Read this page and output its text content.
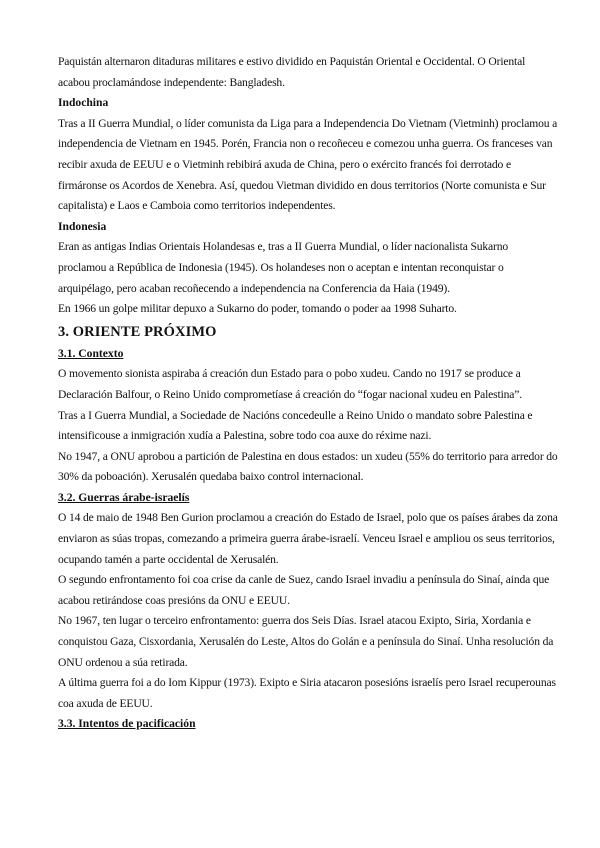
Paquistán alternaron ditaduras militares e estivo dividido en Paquistán Oriental e Occidental. O Oriental acabou proclamándose independente: Bangladesh.

Indochina

Tras a II Guerra Mundial, o líder comunista da Liga para a Independencia Do Vietnam (Vietminh) proclamou a independencia de Vietnam en 1945. Porén, Francia non o recoñeceu e comezou unha guerra. Os franceses van recibir axuda de EEUU e o Vietminh rebibirá axuda de China, pero o exército francés foi derrotado e firmáronse os Acordos de Xenebra. Así, quedou Vietman dividido en dous territorios (Norte comunista e Sur capitalista) e Laos e Camboia como territorios independentes.

Indonesia

Eran as antigas Indias Orientais Holandesas e, tras a II Guerra Mundial, o líder nacionalista Sukarno proclamou a República de Indonesia (1945). Os holandeses non o aceptan e intentan reconquistar o arquipélago, pero acaban recoñecendo a independencia na Conferencia da Haia (1949).

En 1966 un golpe militar depuxo a Sukarno do poder, tomando o poder aa 1998 Suharto.

3. ORIENTE PRÓXIMO

3.1. Contexto

O movemento sionista aspiraba á creación dun Estado para o pobo xudeu. Cando no 1917 se produce a Declaración Balfour, o Reino Unido comprometíase á creación do “fogar nacional xudeu en Palestina”.

Tras a I Guerra Mundial, a Sociedade de Nacións concedeulle a Reino Unido o mandato sobre Palestina e intensificouse a inmigración xudía a Palestina, sobre todo coa auxe do réxime nazi.

No 1947, a ONU aprobou a partición de Palestina en dous estados: un xudeu (55% do territorio para arredor do 30% da poboación). Xerusalén quedaba baixo control internacional.

3.2. Guerras árabe-israelís

O 14 de maio de 1948 Ben Gurion proclamou a creación do Estado de Israel, polo que os países árabes da zona enviaron as súas tropas, comezando a primeira guerra árabe-israelí. Venceu Israel e ampliou os seus territorios, ocupando tamén a parte occidental de Xerusalén.

O segundo enfrontamento foi coa crise da canle de Suez, cando Israel invadiu a península do Sinaí, ainda que acabou retirándose coas presións da ONU e EEUU.

No 1967, ten lugar o terceiro enfrontamento: guerra dos Seis Días. Israel atacou Exipto, Siria, Xordania e conquistou Gaza, Cisxordania, Xerusalén do Leste, Altos do Golán e a península do Sinaí. Unha resolución da ONU ordenou a súa retirada.

A última guerra foi a do Iom Kippur (1973). Exipto e Siria atacaron posesións israelís pero Israel recuperounas coa axuda de EEUU.

3.3. Intentos de pacificación
